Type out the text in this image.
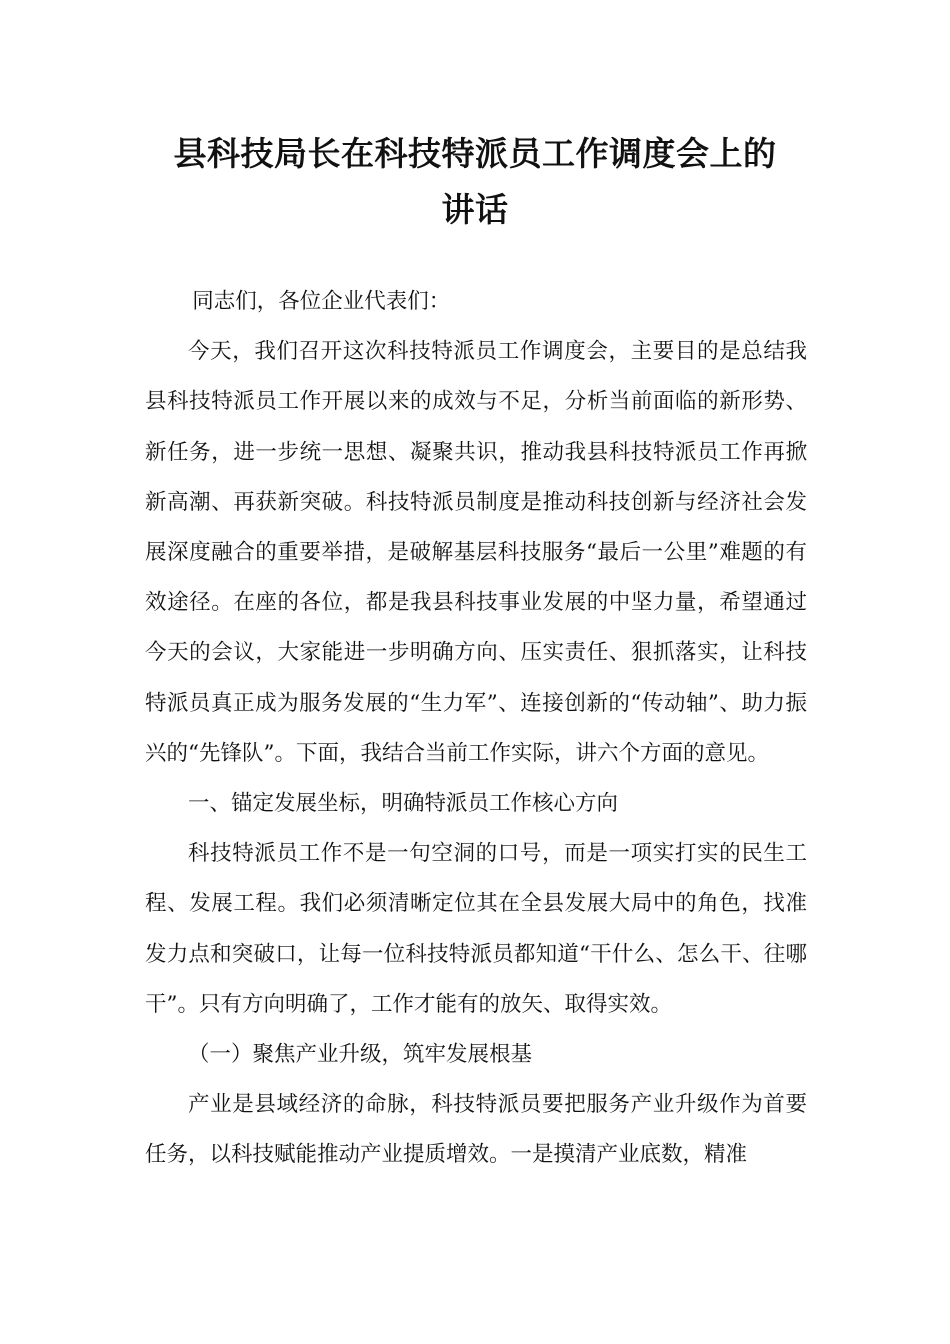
县科技局长在科技特派员工作调度会上的
讲话

同志们，各位企业代表们：

今天，我们召开这次科技特派员工作调度会，主要目的是总结我县科技特派员工作开展以来的成效与不足，分析当前面临的新形势、新任务，进一步统一思想、凝聚共识，推动我县科技特派员工作再掀新高潮、再获新突破。科技特派员制度是推动科技创新与经济社会发展深度融合的重要举措，是破解基层科技服务“最后一公里”难题的有效途径。在座的各位，都是我县科技事业发展的中坚力量，希望通过今天的会议，大家能进一步明确方向、压实责任、狠抓落实，让科技特派员真正成为服务发展的“生力军”、连接创新的“传动轴”、助力振兴的“先锋队”。下面，我结合当前工作实际，讲六个方面的意见。

一、锚定发展坐标，明确特派员工作核心方向

科技特派员工作不是一句空洞的口号，而是一项实打实的民生工程、发展工程。我们必须清晰定位其在全县发展大局中的角色，找准发力点和突破口，让每一位科技特派员都知道“干什么、怎么干、往哪干”。只有方向明确了，工作才能有的放矢、取得实效。

（一）聚焦产业升级，筑牢发展根基

产业是县域经济的命脉，科技特派员要把服务产业升级作为首要任务，以科技赋能推动产业提质增效。一是摸清产业底数，精准
